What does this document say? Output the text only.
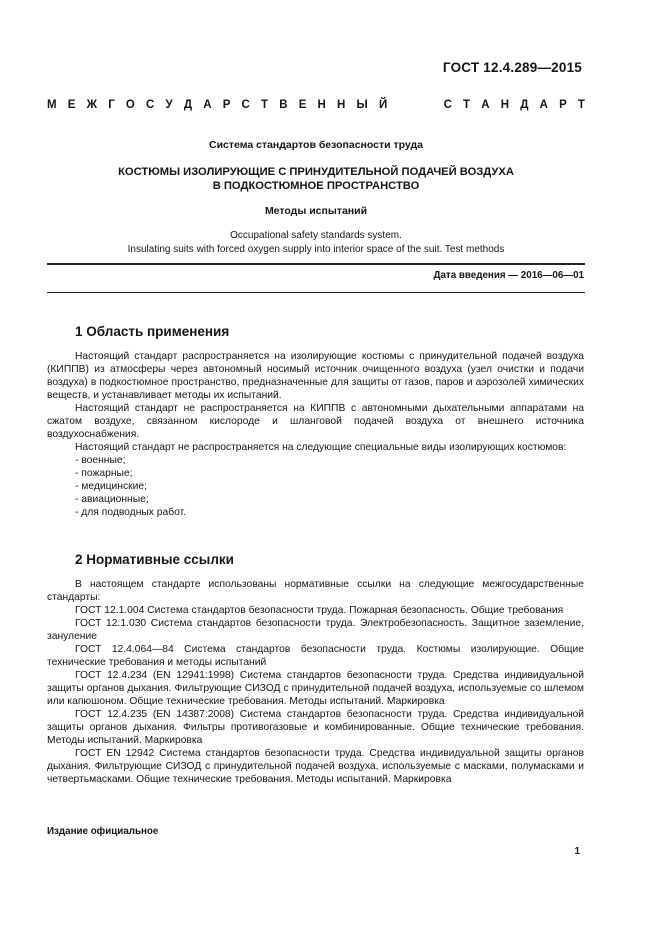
ГОСТ 12.4.289—2015
М Е Ж Г О С У Д А Р С Т В Е Н Н Ы Й	С Т А Н Д А Р Т
Система стандартов безопасности труда
КОСТЮМЫ ИЗОЛИРУЮЩИЕ С ПРИНУДИТЕЛЬНОЙ ПОДАЧЕЙ ВОЗДУХА
В ПОДКОСТЮМНОЕ ПРОСТРАНСТВО
Методы испытаний
Occupational safety standards system.
Insulating suits with forced oxygen supply into interior space of the suit. Test methods
Дата введения — 2016—06—01
1 Область применения

Настоящий стандарт распространяется на изолирующие костюмы с принудительной подачей воздуха (КИППВ) из атмосферы через автономный носимый источник очищенного воздуха (узел очистки и подачи воздуха) в подкостюмное пространство, предназначенные для защиты от газов, паров и аэрозолей химических веществ, и устанавливает методы их испытаний.

Настоящий стандарт не распространяется на КИППВ с автономными дыхательными аппаратами на сжатом воздухе, связанном кислороде и шланговой подачей воздуха от внешнего источника воздухоснабжения.

Настоящий стандарт не распространяется на следующие специальные виды изолирующих костюмов:

- военные;

- пожарные;

- медицинские;

- авиационные;

- для подводных работ.

2 Нормативные ссылки

В настоящем стандарте использованы нормативные ссылки на следующие межгосударственные стандарты:

ГОСТ 12.1.004 Система стандартов безопасности труда. Пожарная безопасность. Общие требования

ГОСТ 12.1.030 Система стандартов безопасности труда. Электробезопасность. Защитное заземление, зануление

ГОСТ 12.4.064—84 Система стандартов безопасности труда. Костюмы изолирующие. Общие технические требования и методы испытаний

ГОСТ 12.4.234 (EN 12941:1998) Система стандартов безопасности труда. Средства индивидуальной защиты органов дыхания. Фильтрующие СИЗОД с принудительной подачей воздуха, используемые со шлемом или капюшоном. Общие технические требования. Методы испытаний. Маркировка

ГОСТ 12.4.235 (EN 14387:2008) Система стандартов безопасности труда. Средства индивидуальной защиты органов дыхания. Фильтры противогазовые и комбинированные. Общие технические требования. Методы испытаний. Маркировка

ГОСТ EN 12942 Система стандартов безопасности труда. Средства индивидуальной защиты органов дыхания. Фильтрующие СИЗОД с принудительной подачей воздуха, используемые с масками, полумасками и четвертьмасками. Общие технические требования. Методы испытаний. Маркировка

Издание официальное
1
